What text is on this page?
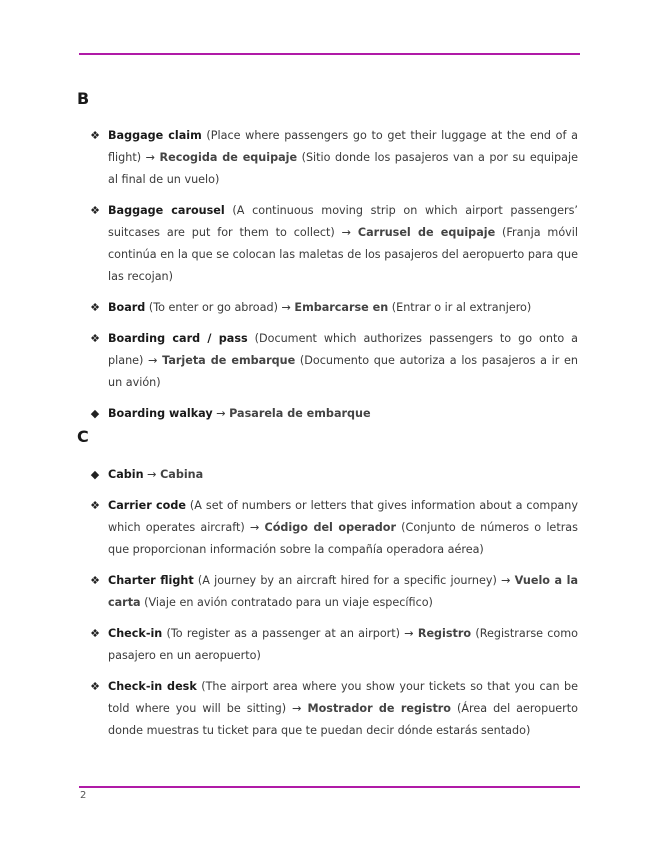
B
❖ Baggage claim (Place where passengers go to get their luggage at the end of a flight) → Recogida de equipaje (Sitio donde los pasajeros van a por su equipaje al final de un vuelo)
❖ Baggage carousel (A continuous moving strip on which airport passengers’ suitcases are put for them to collect) → Carrusel de equipaje (Franja móvil continúa en la que se colocan las maletas de los pasajeros del aeropuerto para que las recojan)
❖ Board (To enter or go abroad) → Embarcarse en (Entrar o ir al extranjero)
❖ Boarding card / pass (Document which authorizes passengers to go onto a plane) → Tarjeta de embarque (Documento que autoriza a los pasajeros a ir en un avión)
◆ Boarding walkay → Pasarela de embarque
C
◆ Cabin → Cabina
❖ Carrier code (A set of numbers or letters that gives information about a company which operates aircraft) → Código del operador (Conjunto de números o letras que proporcionan información sobre la compañía operadora aérea)
❖ Charter flight (A journey by an aircraft hired for a specific journey) → Vuelo a la carta (Viaje en avión contratado para un viaje específico)
❖ Check-in (To register as a passenger at an airport) → Registro (Registrarse como pasajero en un aeropuerto)
❖ Check-in desk (The airport area where you show your tickets so that you can be told where you will be sitting) → Mostrador de registro (Área del aeropuerto donde muestras tu ticket para que te puedan decir dónde estarás sentado)
2
